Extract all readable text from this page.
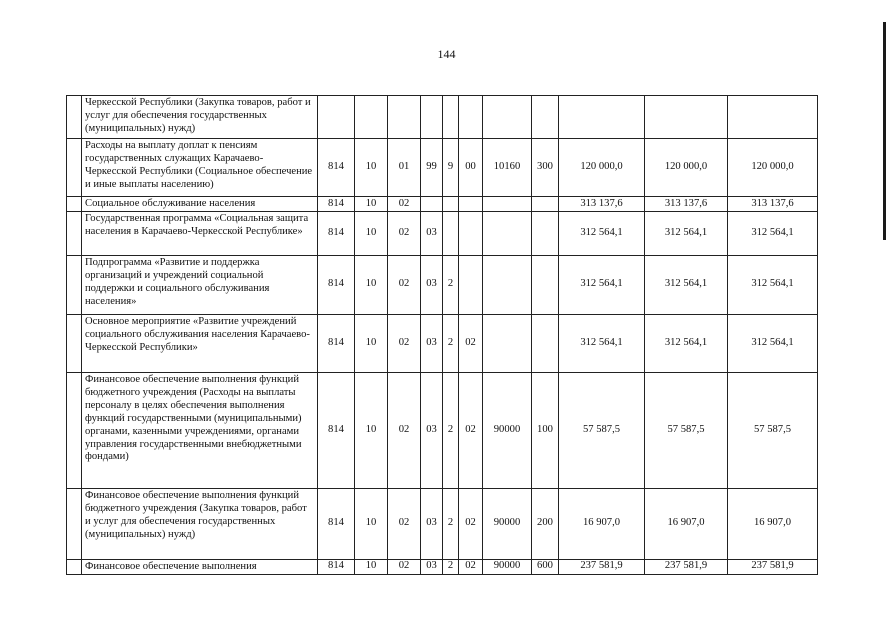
144
	Черкесской Республики (Закупка товаров, работ и услуг для обеспечения государственных (муниципальных) нужд)											
	Расходы на выплату доплат к пенсиям государственных служащих Карачаево-Черкесской Республики (Социальное обеспечение и иные выплаты населению)	814	10	01	99	9	00	10160	300	120 000,0	120 000,0	120 000,0
	Социальное обслуживание населения	814	10	02						313 137,6	313 137,6	313 137,6
	Государственная программа «Социальная защита населения в Карачаево-Черкесской Республике»	814	10	02	03					312 564,1	312 564,1	312 564,1
	Подпрограмма «Развитие и поддержка организаций и учреждений социальной поддержки и социального обслуживания населения»	814	10	02	03	2				312 564,1	312 564,1	312 564,1
	Основное мероприятие «Развитие учреждений социального обслуживания населения Карачаево-Черкесской Республики»	814	10	02	03	2	02			312 564,1	312 564,1	312 564,1
	Финансовое обеспечение выполнения функций бюджетного учреждения (Расходы на выплаты персоналу в целях обеспечения выполнения функций государственными (муниципальными) органами, казенными учреждениями, органами управления государственными внебюджетными фондами)	814	10	02	03	2	02	90000	100	57 587,5	57 587,5	57 587,5
	Финансовое обеспечение выполнения функций бюджетного учреждения (Закупка товаров, работ и услуг для обеспечения государственных (муниципальных) нужд)	814	10	02	03	2	02	90000	200	16 907,0	16 907,0	16 907,0
	Финансовое обеспечение выполнения	814	10	02	03	2	02	90000	600	237 581,9	237 581,9	237 581,9
